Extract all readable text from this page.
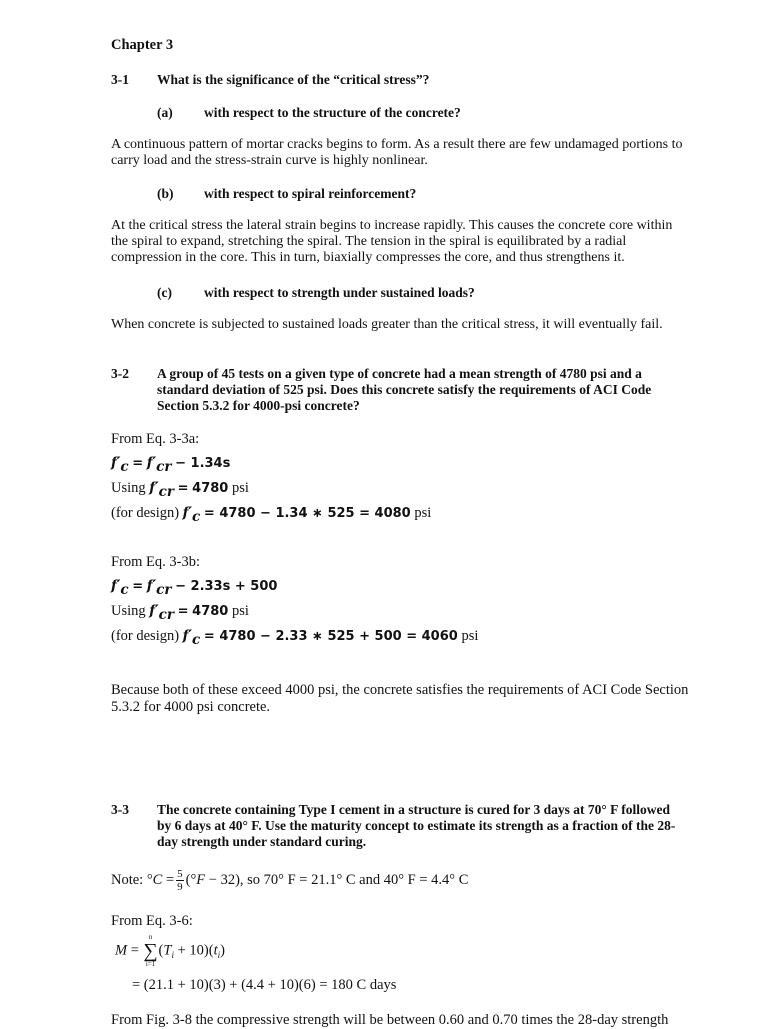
Chapter 3
3-1 What is the significance of the “critical stress”?
(a) with respect to the structure of the concrete?
A continuous pattern of mortar cracks begins to form. As a result there are few undamaged portions to carry load and the stress-strain curve is highly nonlinear.
(b) with respect to spiral reinforcement?
At the critical stress the lateral strain begins to increase rapidly. This causes the concrete core within the spiral to expand, stretching the spiral. The tension in the spiral is equilibrated by a radial compression in the core. This in turn, biaxially compresses the core, and thus strengthens it.
(c) with respect to strength under sustained loads?
When concrete is subjected to sustained loads greater than the critical stress, it will eventually fail.
3-2 A group of 45 tests on a given type of concrete had a mean strength of 4780 psi and a standard deviation of 525 psi. Does this concrete satisfy the requirements of ACI Code Section 5.3.2 for 4000-psi concrete?
From Eq. 3-3a:
$f'_c = f'_{cr} - 1.34s$
Using $f'_{cr} = 4780$ psi
(for design) $f'_c = 4780 - 1.34$ ∗ 525 = 4080 psi
From Eq. 3-3b:
$f'_c = f'_{cr} - 2.33s + 500$
Using $f'_{cr} = 4780$ psi
(for design) $f'_c = 4780 - 2.33$ ∗ 525 + 500 = 4060 psi
Because both of these exceed 4000 psi, the concrete satisfies the requirements of ACI Code Section 5.3.2 for 4000 psi concrete.
3-3 The concrete containing Type I cement in a structure is cured for 3 days at 70° F followed by 6 days at 40° F. Use the maturity concept to estimate its strength as a fraction of the 28-day strength under standard curing.
Note: $^\circ C = \frac{5}{9} (^\circ F - 32)$, so 70° F = 21.1° C and 40° F = 4.4° C
From Eq. 3-6:
M =
n
∑
i=1
$(T_i + 10)(t_i)$
= (21.1 + 10)(3) + (4.4 + 10)(6) = 180 C days
From Fig. 3-8 the compressive strength will be between 0.60 and 0.70 times the 28-day strength
